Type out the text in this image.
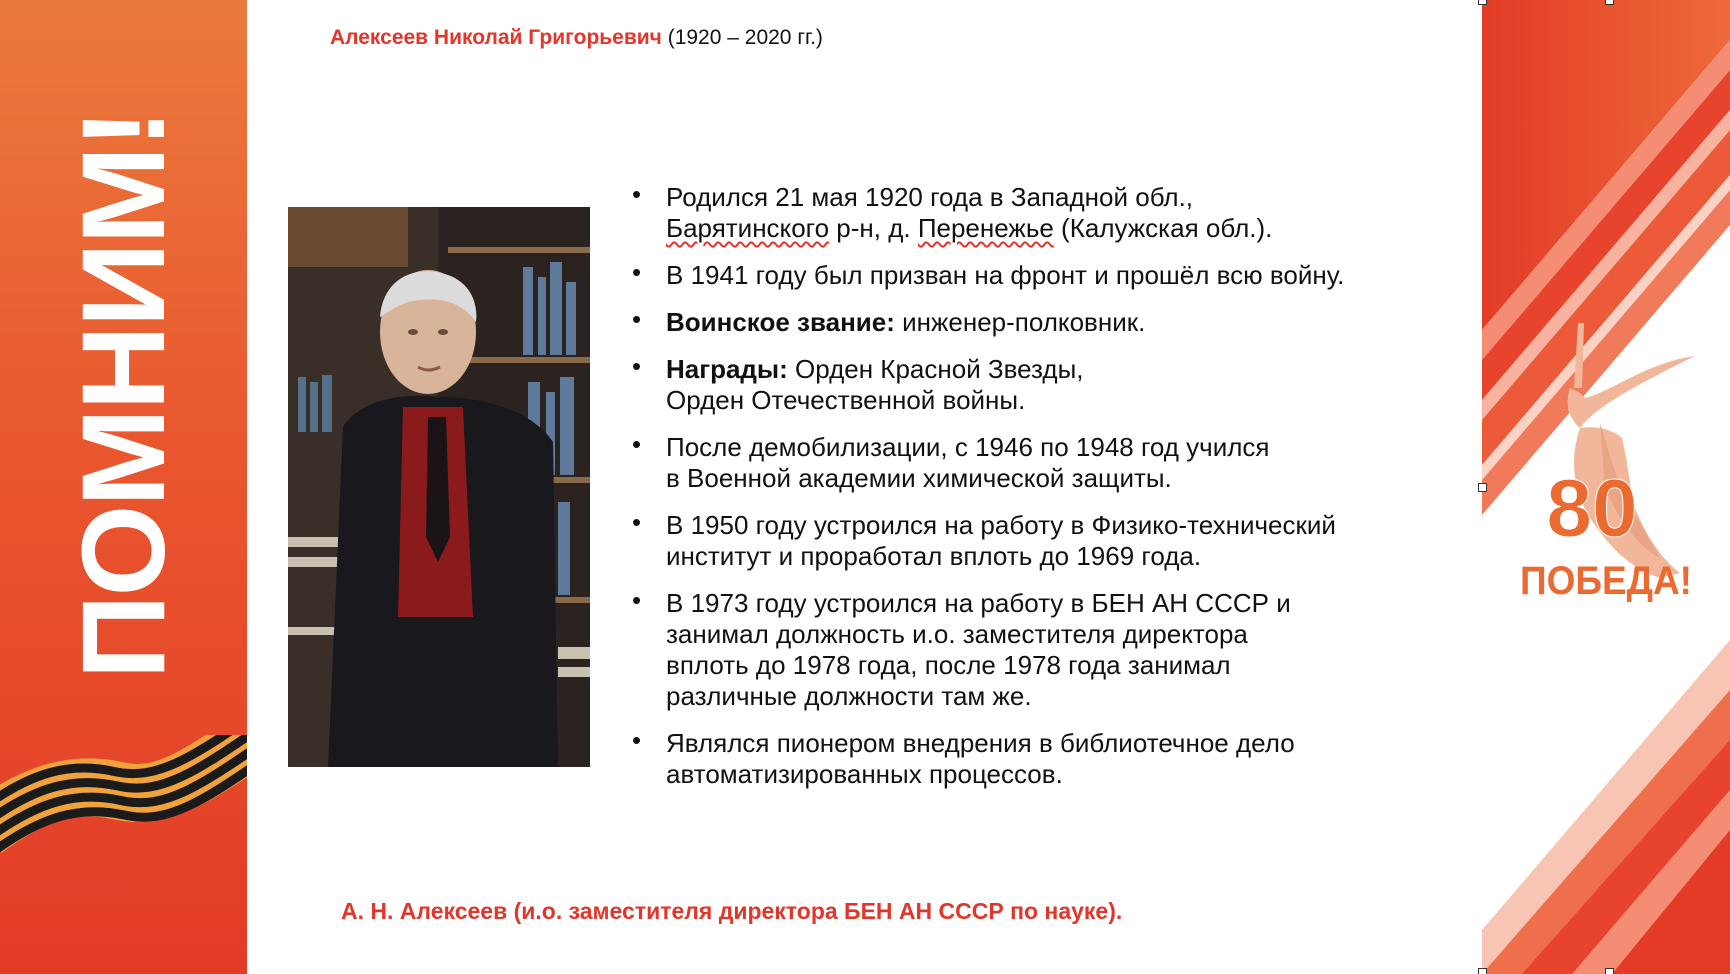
ПОМНИМ!	80
ПОБЕДА!
Алексеев Николай Григорьевич (1920 – 2020 гг.)
• Родился 21 мая 1920 года в Западной обл.,
Барятинского р-н, д. Перенежье (Калужская обл.).
• В 1941 году был призван на фронт и прошёл всю войну.
• Воинское звание: инженер-полковник.
• Награды: Орден Красной Звезды,
Орден Отечественной войны.
• После демобилизации, с 1946 по 1948 год учился
в Военной академии химической защиты.
• В 1950 году устроился на работу в Физико-технический
институт и проработал вплоть до 1969 года.
• В 1973 году устроился на работу в БЕН АН СССР и
занимал должность и.о. заместителя директора
вплоть до 1978 года, после 1978 года занимал
различные должности там же.
• Являлся пионером внедрения в библиотечное дело
автоматизированных процессов.
А. Н. Алексеев (и.о. заместителя директора БЕН АН СССР по науке).
